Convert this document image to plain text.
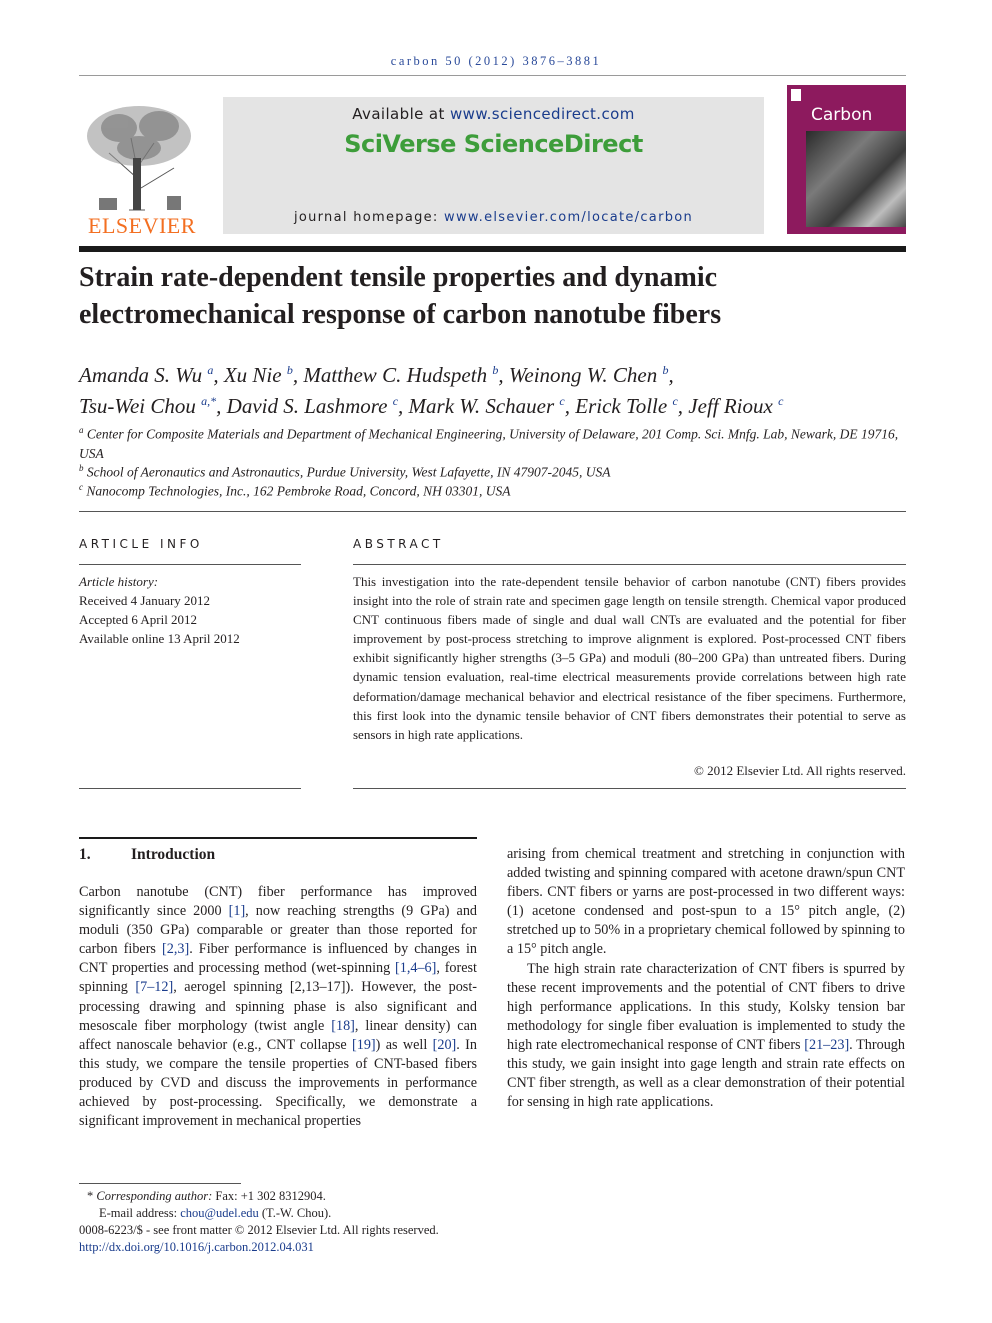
carbon 50 (2012) 3876–3881
ELSEVIER
Available at www.sciencedirect.com
SciVerse ScienceDirect
journal homepage: www.elsevier.com/locate/carbon
Carbon
Strain rate-dependent tensile properties and dynamic electromechanical response of carbon nanotube fibers
Amanda S. Wu $^a$, Xu Nie $^b$, Matthew C. Hudspeth $^b$, Weinong W. Chen $^b$,
Tsu-Wei Chou $^{a,*}$, David S. Lashmore $^c$, Mark W. Schauer $^c$, Erick Tolle $^c$, Jeff Rioux $^c$
$^a$ Center for Composite Materials and Department of Mechanical Engineering, University of Delaware, 201 Comp. Sci. Mnfg. Lab, Newark, DE 19716, USA
$^b$ School of Aeronautics and Astronautics, Purdue University, West Lafayette, IN 47907-2045, USA
$^c$ Nanocomp Technologies, Inc., 162 Pembroke Road, Concord, NH 03301, USA
ARTICLE INFO
Article history:
Received 4 January 2012
Accepted 6 April 2012
Available online 13 April 2012
ABSTRACT
This investigation into the rate-dependent tensile behavior of carbon nanotube (CNT) fibers provides insight into the role of strain rate and specimen gage length on tensile strength. Chemical vapor produced CNT continuous fibers made of single and dual wall CNTs are evaluated and the potential for fiber improvement by post-process stretching to improve alignment is explored. Post-processed CNT fibers exhibit significantly higher strengths (3–5 GPa) and moduli (80–200 GPa) than untreated fibers. During dynamic tension evaluation, real-time electrical measurements provide correlations between high rate deformation/damage mechanical behavior and electrical resistance of the fiber specimens. Furthermore, this first look into the dynamic tensile behavior of CNT fibers demonstrates their potential to serve as sensors in high rate applications.
© 2012 Elsevier Ltd. All rights reserved.
1.	Introduction

Carbon nanotube (CNT) fiber performance has improved significantly since 2000 [1], now reaching strengths (9 GPa) and moduli (350 GPa) comparable or greater than those reported for carbon fibers [2,3]. Fiber performance is influenced by changes in CNT properties and processing method (wet-spinning [1,4–6], forest spinning [7–12], aerogel spinning [2,13–17]). However, the post-processing drawing and spinning phase is also significant and mesoscale fiber morphology (twist angle [18], linear density) can affect nanoscale behavior (e.g., CNT collapse [19]) as well [20]. In this study, we compare the tensile properties of CNT-based fibers produced by CVD and discuss the improvements in performance achieved by post-processing. Specifically, we demonstrate a significant improvement in mechanical properties

arising from chemical treatment and stretching in conjunction with added twisting and spinning compared with acetone drawn/spun CNT fibers. CNT fibers or yarns are post-processed in two different ways: (1) acetone condensed and post-spun to a 15° pitch angle, (2) stretched up to 50% in a proprietary chemical followed by spinning to a 15° pitch angle.

The high strain rate characterization of CNT fibers is spurred by these recent improvements and the potential of CNT fibers to drive high performance applications. In this study, Kolsky tension bar methodology for single fiber evaluation is implemented to study the high rate electromechanical response of CNT fibers [21–23]. Through this study, we gain insight into gage length and strain rate effects on CNT fiber strength, as well as a clear demonstration of their potential for sensing in high rate applications.

* Corresponding author: Fax: +1 302 8312904.
E-mail address: chou@udel.edu (T.-W. Chou).
0008-6223/$ - see front matter © 2012 Elsevier Ltd. All rights reserved.
http://dx.doi.org/10.1016/j.carbon.2012.04.031
